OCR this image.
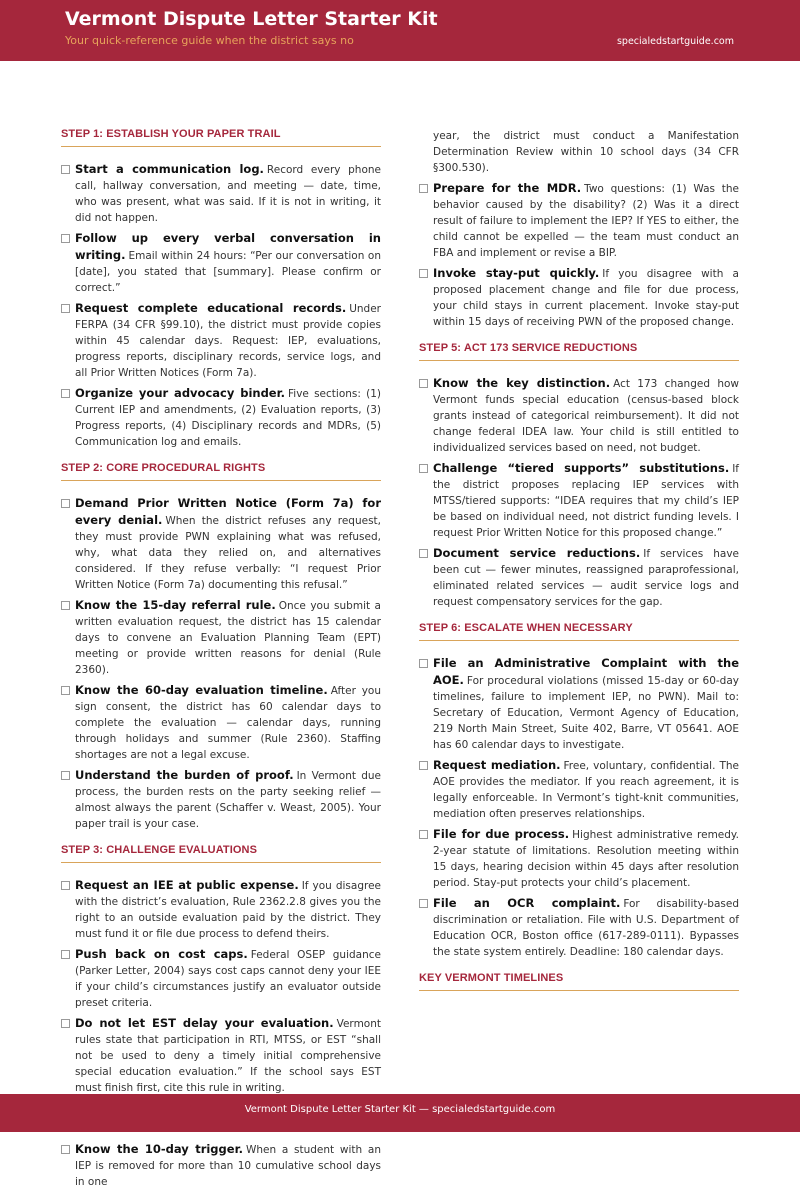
Vermont Dispute Letter Starter Kit
Your quick-reference guide when the district says no	specialedstartguide.com
STEP 1: ESTABLISH YOUR PAPER TRAIL
Start a communication log. Record every phone call, hallway conversation, and meeting — date, time, who was present, what was said. If it is not in writing, it did not happen.
Follow up every verbal conversation in writing. Email within 24 hours: “Per our conversation on [date], you stated that [summary]. Please confirm or correct.”
Request complete educational records. Under FERPA (34 CFR §99.10), the district must provide copies within 45 calendar days. Request: IEP, evaluations, progress reports, disciplinary records, service logs, and all Prior Written Notices (Form 7a).
Organize your advocacy binder. Five sections: (1) Current IEP and amendments, (2) Evaluation reports, (3) Progress reports, (4) Disciplinary records and MDRs, (5) Communication log and emails.
STEP 2: CORE PROCEDURAL RIGHTS
Demand Prior Written Notice (Form 7a) for every denial. When the district refuses any request, they must provide PWN explaining what was refused, why, what data they relied on, and alternatives considered. If they refuse verbally: “I request Prior Written Notice (Form 7a) documenting this refusal.”
Know the 15-day referral rule. Once you submit a written evaluation request, the district has 15 calendar days to convene an Evaluation Planning Team (EPT) meeting or provide written reasons for denial (Rule 2360).
Know the 60-day evaluation timeline. After you sign consent, the district has 60 calendar days to complete the evaluation — calendar days, running through holidays and summer (Rule 2360). Staffing shortages are not a legal excuse.
Understand the burden of proof. In Vermont due process, the burden rests on the party seeking relief — almost always the parent (Schaffer v. Weast, 2005). Your paper trail is your case.
STEP 3: CHALLENGE EVALUATIONS
Request an IEE at public expense. If you disagree with the district’s evaluation, Rule 2362.2.8 gives you the right to an outside evaluation paid by the district. They must fund it or file due process to defend theirs.
Push back on cost caps. Federal OSEP guidance (Parker Letter, 2004) says cost caps cannot deny your IEE if your child’s circumstances justify an evaluator outside preset criteria.
Do not let EST delay your evaluation. Vermont rules state that participation in RTI, MTSS, or EST “shall not be used to deny a timely initial comprehensive special education evaluation.” If the school says EST must finish first, cite this rule in writing.
Know the 10-day trigger. When a student with an IEP is removed for more than 10 cumulative school days in one
year, the district must conduct a Manifestation Determination Review within 10 school days (34 CFR §300.530).
Prepare for the MDR. Two questions: (1) Was the behavior caused by the disability? (2) Was it a direct result of failure to implement the IEP? If YES to either, the child cannot be expelled — the team must conduct an FBA and implement or revise a BIP.
Invoke stay-put quickly. If you disagree with a proposed placement change and file for due process, your child stays in current placement. Invoke stay-put within 15 days of receiving PWN of the proposed change.
STEP 5: ACT 173 SERVICE REDUCTIONS
Know the key distinction. Act 173 changed how Vermont funds special education (census-based block grants instead of categorical reimbursement). It did not change federal IDEA law. Your child is still entitled to individualized services based on need, not budget.
Challenge “tiered supports” substitutions. If the district proposes replacing IEP services with MTSS/tiered supports: “IDEA requires that my child’s IEP be based on individual need, not district funding levels. I request Prior Written Notice for this proposed change.”
Document service reductions. If services have been cut — fewer minutes, reassigned paraprofessional, eliminated related services — audit service logs and request compensatory services for the gap.
STEP 6: ESCALATE WHEN NECESSARY
File an Administrative Complaint with the AOE. For procedural violations (missed 15-day or 60-day timelines, failure to implement IEP, no PWN). Mail to: Secretary of Education, Vermont Agency of Education, 219 North Main Street, Suite 402, Barre, VT 05641. AOE has 60 calendar days to investigate.
Request mediation. Free, voluntary, confidential. The AOE provides the mediator. If you reach agreement, it is legally enforceable. In Vermont’s tight-knit communities, mediation often preserves relationships.
File for due process. Highest administrative remedy. 2-year statute of limitations. Resolution meeting within 15 days, hearing decision within 45 days after resolution period. Stay-put protects your child’s placement.
File an OCR complaint. For disability-based discrimination or retaliation. File with U.S. Department of Education OCR, Boston office (617-289-0111). Bypasses the state system entirely. Deadline: 180 calendar days.
KEY VERMONT TIMELINES
Vermont Dispute Letter Starter Kit — specialedstartguide.com
